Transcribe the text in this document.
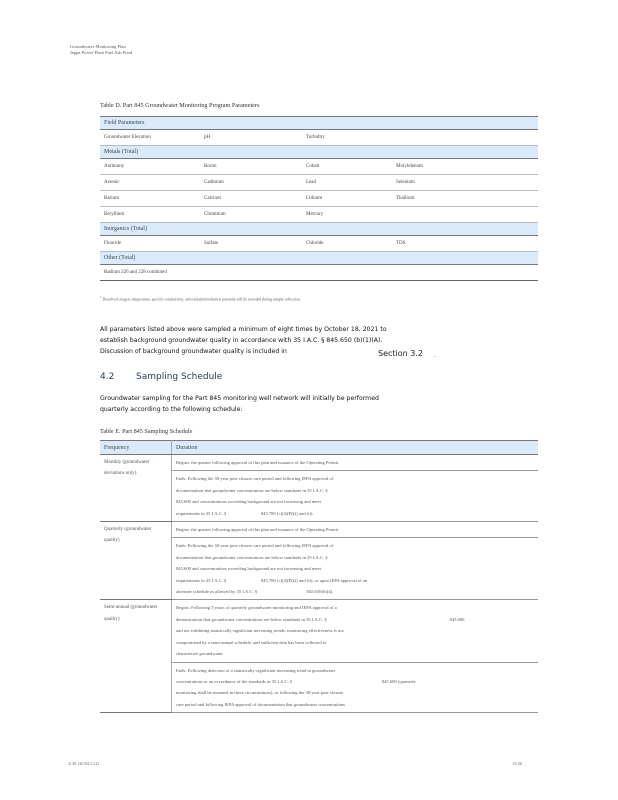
Groundwater Monitoring Plan
Jeppa Power Plant Fuel Ash Pond
Table D. Part 845 Groundwater Monitoring Program Parameters
Field Parameters			
Groundwater Elevation	pH	Turbidity	
Metals (Total)			
Antimony	Boron	Cobalt	Molybdenum
Arsenic	Cadmium	Lead	Selenium
Barium	Calcium	Lithium	Thallium
Beryllium	Chromium	Mercury	
Inorganics (Total)			
Fluoride	Sulfate	Chloride	TDS
Other (Total)			
Radium 226 and 228 combined			
$^1$ Dissolved oxygen, temperature, specific conductivity, and oxidation/reduction potential will be recorded during sample collection.
All parameters listed above were sampled a minimum of eight times by October 18, 2021 to
establish background groundwater quality in accordance with 35 I.A.C. § 845.650 (b)(1)(A).
Discussion of background groundwater quality is included in	Section 3.2 .
4.2 Sampling Schedule
Groundwater sampling for the Part 845 monitoring well network will initially be performed
quarterly according to the following schedule:
Table E. Part 845 Sampling Schedule
Frequency	Duration
Monthly (groundwater deviations only)	Begins: the quarter following approval of this plan and issuance of the Operating Permit.

	Ends: Following the 30-year post-closure care period and following IEPA approval of
documentation that groundwater concentrations are below standards in 35 I.A.C. §
845.600 and concentrations exceeding background are not increasing and meet
requirements in 35 I.A.C. §                              845.780 (c)(2)(B)(i) and (ii).

Quarterly (groundwater quality)	Begins: the quarter following approval of this plan and issuance of the Operating Permit.

	Ends: Following the 30-year post-closure care period and following IEPA approval of
documentation that groundwater concentrations are below standards in 35 I.A.C. §
845.600 and concentrations exceeding background are not increasing and meet
requirements in 35 I.A.C. §                              845.780 (c)(2)(B)(i) and (ii), or upon IEPA approval of an
alternate schedule as allowed by 35 I.A.C. §                                           845.650(b)(4).

Semi-annual (groundwater quality)	Begins: Following 5 years of quarterly groundwater monitoring and IEPA approval of a
demonstration that groundwater concentrations are below standards in 35 I.A.C. §                                                                                                           845.600
and not exhibiting statistically-significant increasing trends, monitoring effectiveness is not
compromised by a semi-annual schedule, and sufficient data has been collected to
characterize groundwater.

	Ends: Following detection of a statistically-significant increasing trend in groundwater
concentrations or an exceedance of the standards in 35 I.A.C. §                                                                              845.600 (quarterly
monitoring shall be resumed in these circumstances), or following the 30-year post-closure
care period and following IEPA approval of documentation that groundwater concentrations
21.R1.140.504.3.2.22	15/26
